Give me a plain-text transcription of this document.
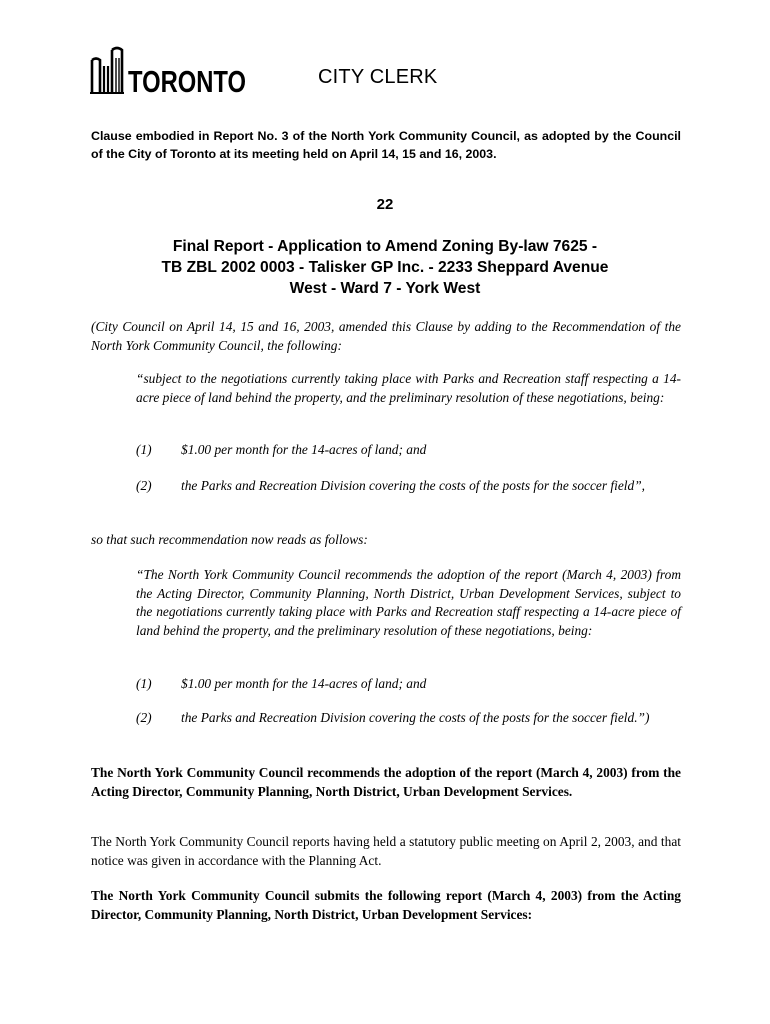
TORONTO	CITY CLERK
Clause embodied in Report No. 3 of the North York Community Council, as adopted by the Council of the City of Toronto at its meeting held on April 14, 15 and 16, 2003.
22
Final Report - Application to Amend Zoning By-law 7625 -
TB ZBL 2002 0003 - Talisker GP Inc. - 2233 Sheppard Avenue
West - Ward 7 - York West
(City Council on April 14, 15 and 16, 2003, amended this Clause by adding to the Recommendation of the North York Community Council, the following:
“subject to the negotiations currently taking place with Parks and Recreation staff respecting a 14-acre piece of land behind the property, and the preliminary resolution of these negotiations, being:
(1)	$1.00 per month for the 14-acres of land; and
(2)	the Parks and Recreation Division covering the costs of the posts for the soccer field”,
so that such recommendation now reads as follows:
“The North York Community Council recommends the adoption of the report (March 4, 2003) from the Acting Director, Community Planning, North District, Urban Development Services, subject to the negotiations currently taking place with Parks and Recreation staff respecting a 14-acre piece of land behind the property, and the preliminary resolution of these negotiations, being:
(1)	$1.00 per month for the 14-acres of land; and
(2)	the Parks and Recreation Division covering the costs of the posts for the soccer field.”)
The North York Community Council recommends the adoption of the report (March 4, 2003) from the Acting Director, Community Planning, North District, Urban Development Services.
The North York Community Council reports having held a statutory public meeting on April 2, 2003, and that notice was given in accordance with the Planning Act.
The North York Community Council submits the following report (March 4, 2003) from the Acting Director, Community Planning, North District, Urban Development Services:
